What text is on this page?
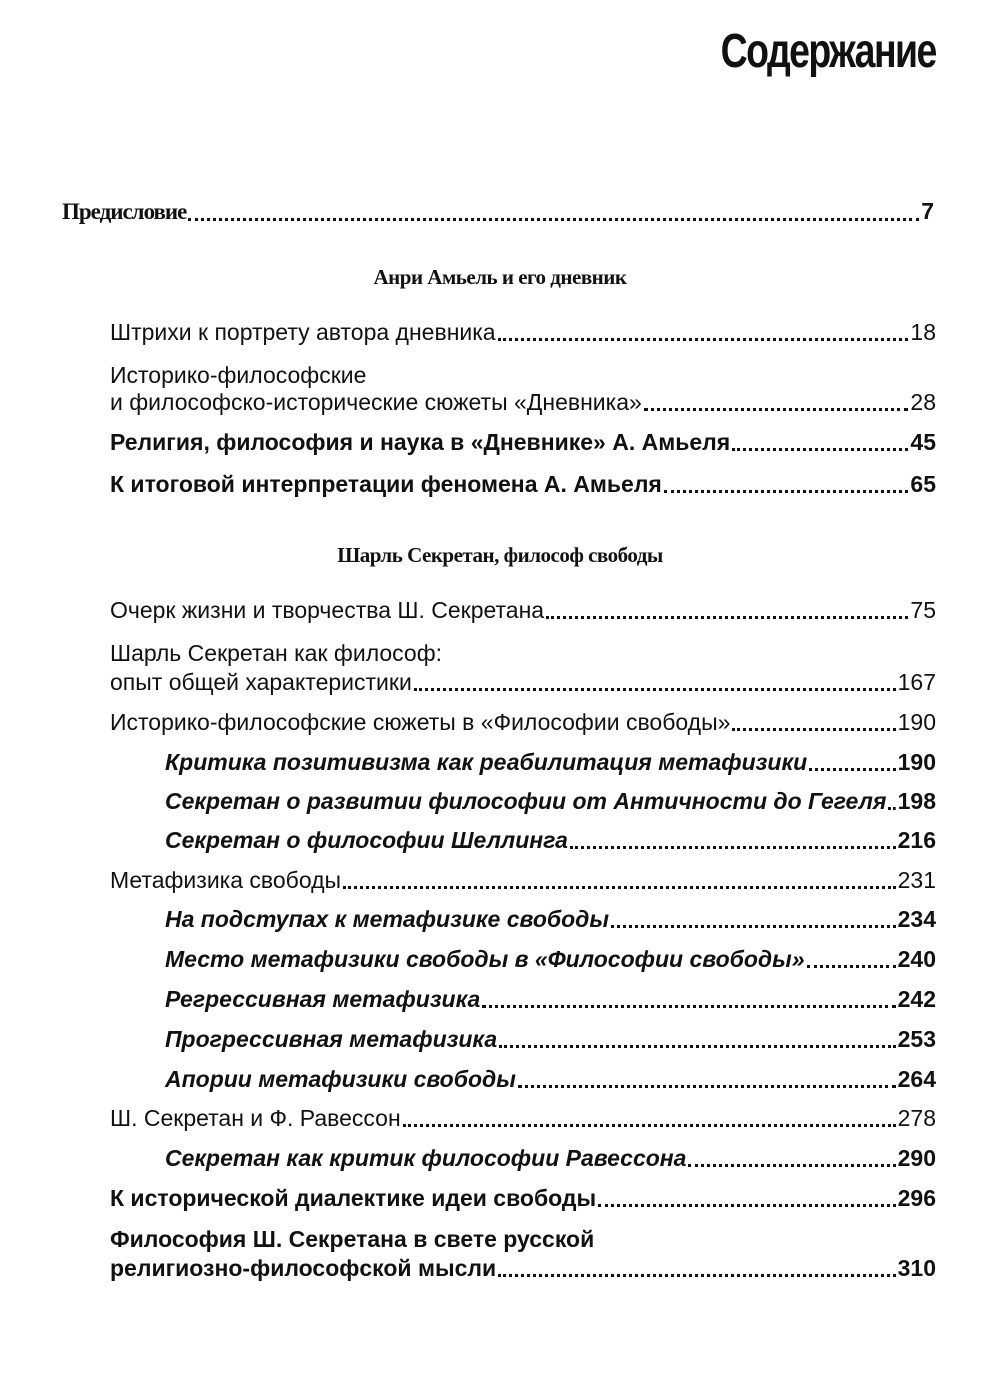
Содержание
Предисловие	7
Анри Амьель и его дневник
Штрихи к портрету автора дневника	18
Историко-философские
и философско-исторические сюжеты «Дневника»	28
Религия, философия и наука в «Дневнике» А. Амьеля	45
К итоговой интерпретации феномена А. Амьеля	65
Шарль Секретан, философ свободы
Очерк жизни и творчества Ш. Секретана	75
Шарль Секретан как философ:
опыт общей характеристики	167
Историко-философские сюжеты в «Философии свободы»	190
Критика позитивизма как реабилитация метафизики	190
Секретан о развитии философии от Античности до Гегеля 198
Секретан о философии Шеллинга	216
Метафизика свободы	231
На подступах к метафизике свободы	234
Место метафизики свободы в «Философии свободы»	240
Регрессивная метафизика	242
Прогрессивная метафизика	253
Апории метафизики свободы	264
Ш. Секретан и Ф. Равессон	278
Секретан как критик философии Равессона	290
К исторической диалектике идеи свободы	296
Философия Ш. Секретана в свете русской
религиозно-философской мысли	310
